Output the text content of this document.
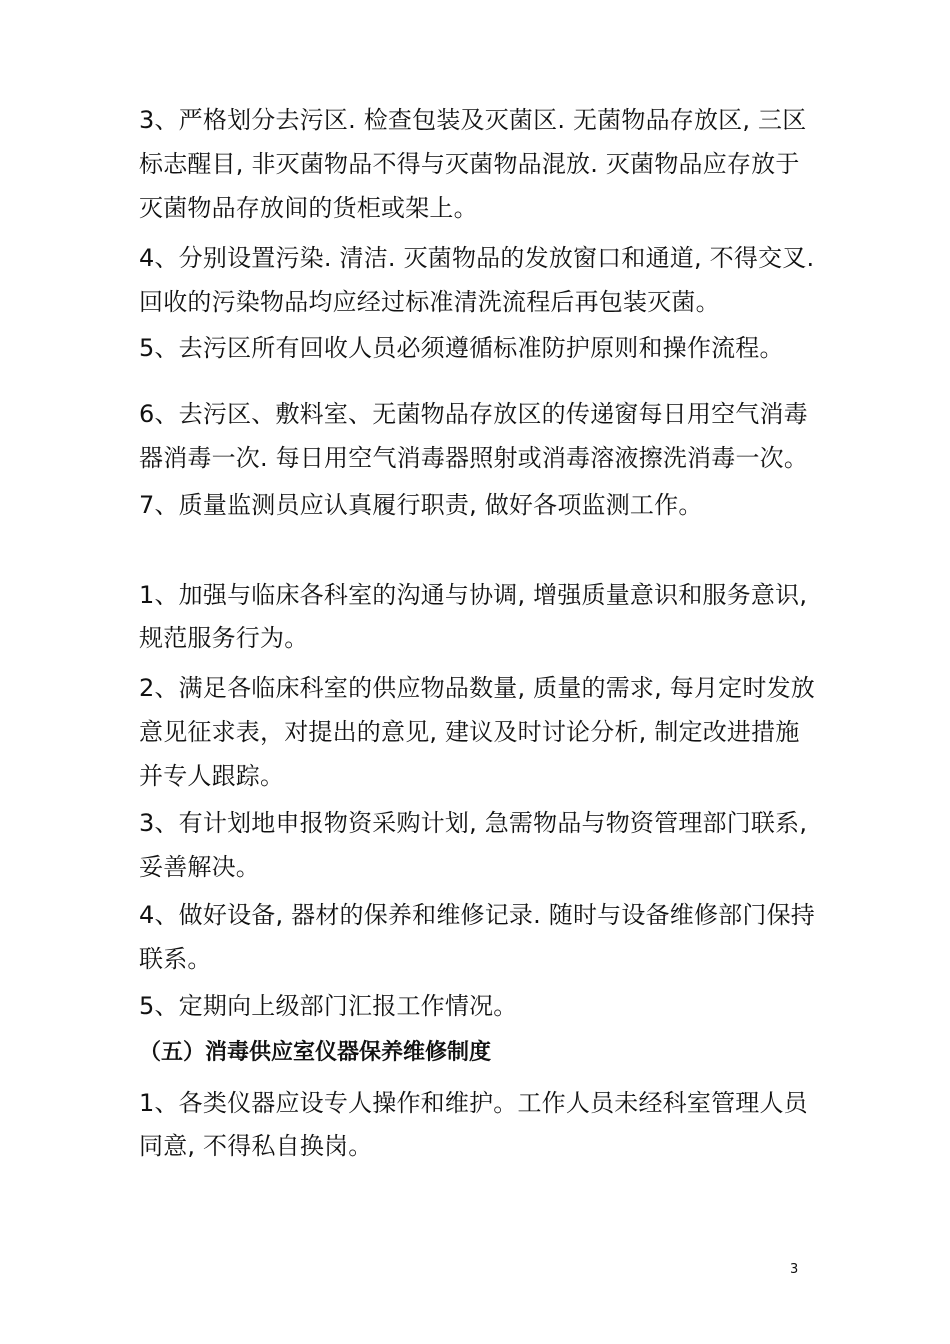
3、严格划分去污区. 检查包装及灭菌区. 无菌物品存放区, 三区
标志醒目, 非灭菌物品不得与灭菌物品混放. 灭菌物品应存放于
灭菌物品存放间的货柜或架上。
4、分别设置污染. 清洁. 灭菌物品的发放窗口和通道, 不得交叉.
回收的污染物品均应经过标准清洗流程后再包装灭菌。
5、去污区所有回收人员必须遵循标准防护原则和操作流程。
6、去污区、敷料室、无菌物品存放区的传递窗每日用空气消毒
器消毒一次. 每日用空气消毒器照射或消毒溶液擦洗消毒一次。
7、质量监测员应认真履行职责, 做好各项监测工作。
1、加强与临床各科室的沟通与协调, 增强质量意识和服务意识,
规范服务行为。
2、满足各临床科室的供应物品数量, 质量的需求, 每月定时发放
意见征求表，对提出的意见, 建议及时讨论分析, 制定改进措施
并专人跟踪。
3、有计划地申报物资采购计划, 急需物品与物资管理部门联系,
妥善解决。
4、做好设备, 器材的保养和维修记录. 随时与设备维修部门保持
联系。
5、定期向上级部门汇报工作情况。
（五）消毒供应室仪器保养维修制度
1、各类仪器应设专人操作和维护。工作人员未经科室管理人员
同意, 不得私自换岗。
3
